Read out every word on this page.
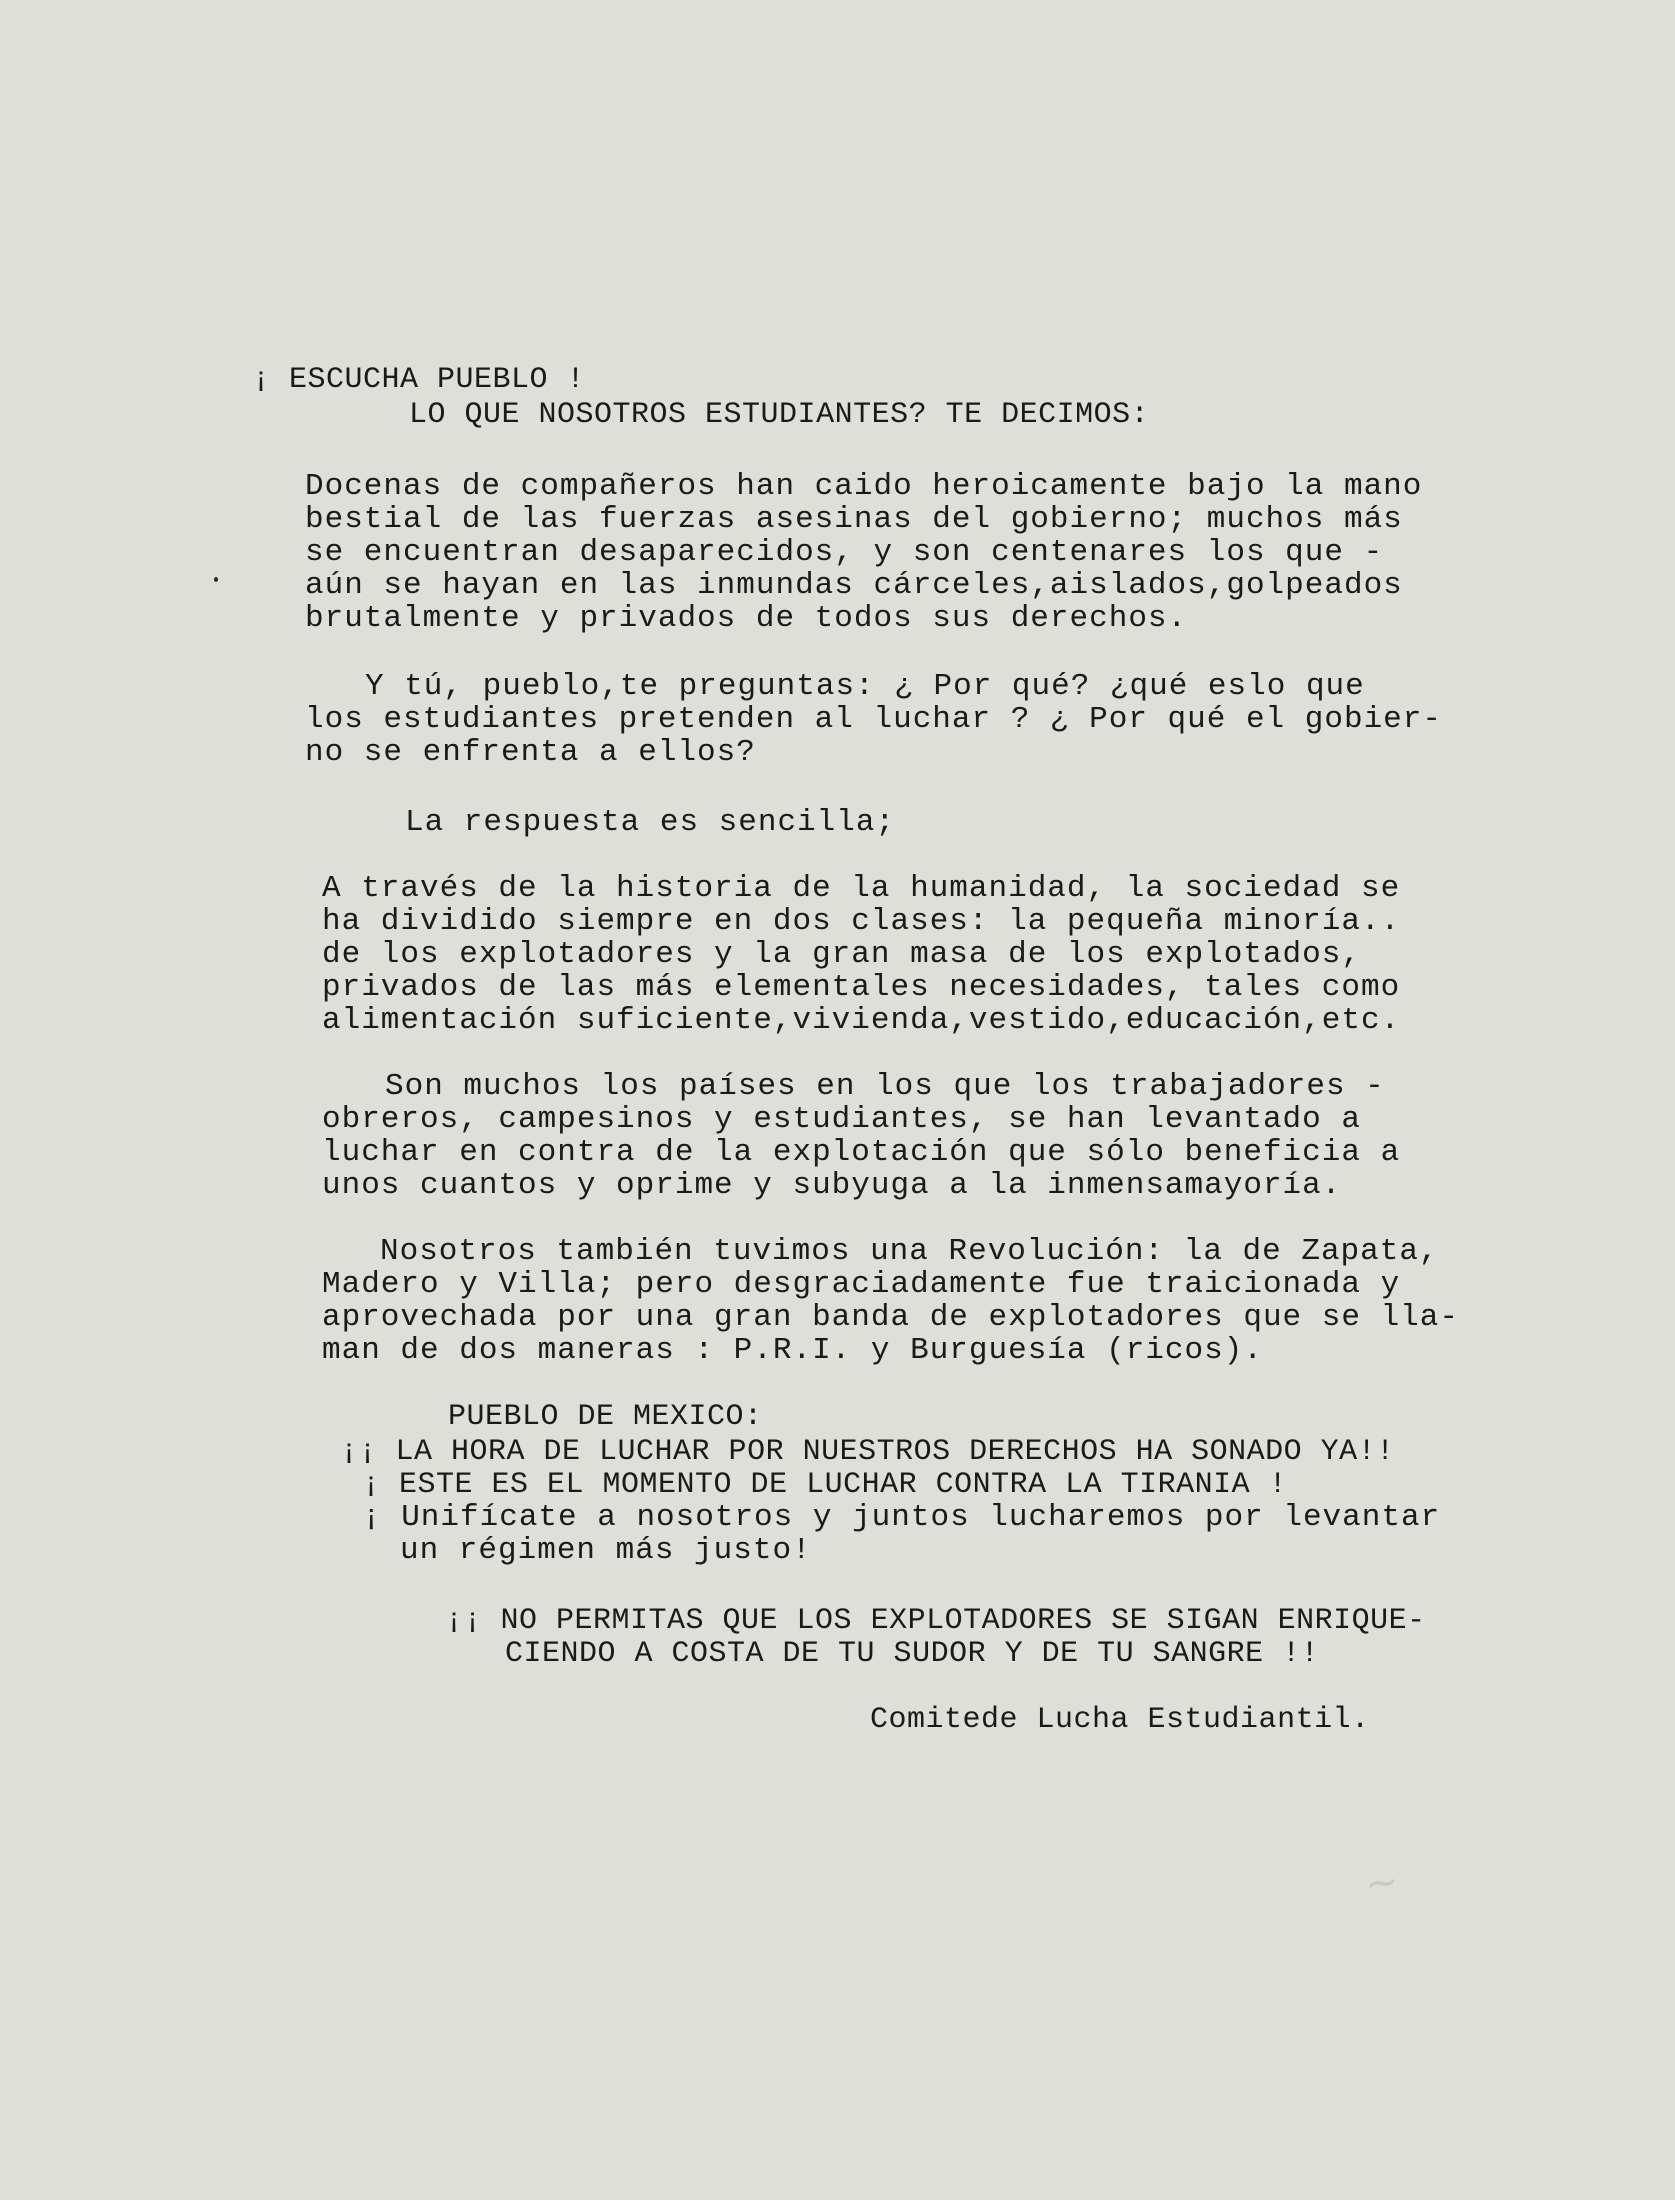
¡ ESCUCHA PUEBLO !
LO QUE NOSOTROS ESTUDIANTES? TE DECIMOS:
Docenas de compañeros han caido heroicamente bajo la mano
bestial de las fuerzas asesinas del gobierno; muchos más
se encuentran desaparecidos, y son centenares los que -
aún se hayan en las inmundas cárceles,aislados,golpeados
brutalmente y privados de todos sus derechos.
Y tú, pueblo,te preguntas: ¿ Por qué? ¿qué eslo que
los estudiantes pretenden al luchar ? ¿ Por qué el gobier-
no se enfrenta a ellos?
La respuesta es sencilla;
A través de la historia de la humanidad, la sociedad se
ha dividido siempre en dos clases: la pequeña minoría..
de los explotadores y la gran masa de los explotados,
privados de las más elementales necesidades, tales como
alimentación suficiente,vivienda,vestido,educación,etc.
Son muchos los países en los que los trabajadores -
obreros, campesinos y estudiantes, se han levantado a
luchar en contra de la explotación que sólo beneficia a
unos cuantos y oprime y subyuga a la inmensamayoría.
Nosotros también tuvimos una Revolución: la de Zapata,
Madero y Villa; pero desgraciadamente fue traicionada y
aprovechada por una gran banda de explotadores que se lla-
man de dos maneras : P.R.I. y Burguesía (ricos).
PUEBLO DE MEXICO:
¡¡ LA HORA DE LUCHAR POR NUESTROS DERECHOS HA SONADO YA!!
¡ ESTE ES EL MOMENTO DE LUCHAR CONTRA LA TIRANIA !
¡ Unifícate a nosotros y juntos lucharemos por levantar
un régimen más justo!
¡¡ NO PERMITAS QUE LOS EXPLOTADORES SE SIGAN ENRIQUE-
CIENDO A COSTA DE TU SUDOR Y DE TU SANGRE !!
Comitede Lucha Estudiantil.
~
